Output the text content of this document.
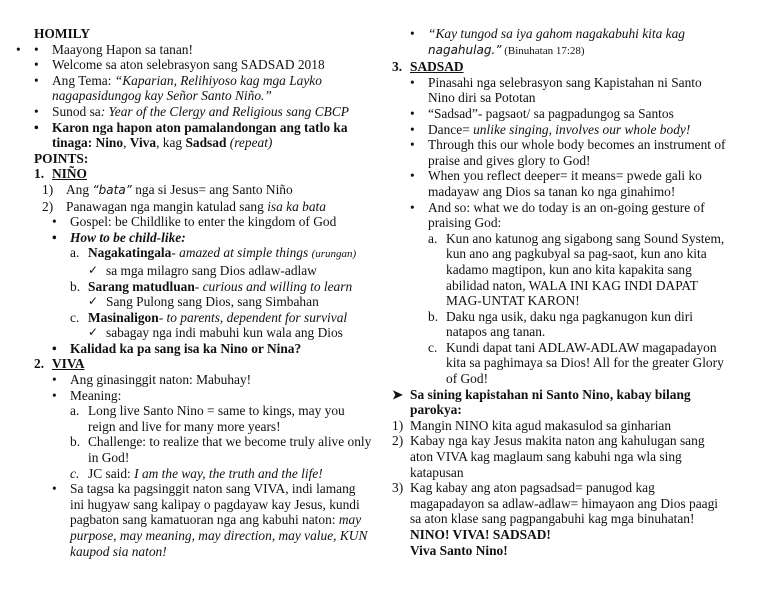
HOMILY
• • Maayong Hapon sa tanan!
• Welcome sa aton selebrasyon sang SADSAD 2018
• Ang Tema: “Kaparian, Relihiyoso kag mga Layko
nagapasidungog kay Señor Santo Niño.”
• Sunod sa: Year of the Clergy and Religious sang CBCP
• Karon nga hapon aton pamalandongan ang tatlo ka
tinaga: Nino, Viva, kag Sadsad (repeat)
POINTS:
1. NIÑO
1) Ang “bata” nga si Jesus= ang Santo Niño
2) Panawagan nga mangin katulad sang isa ka bata
• Gospel: be Childlike to enter the kingdom of God
• How to be child-like:
a. Nagakatingala- amazed at simple things (urungan)
✓ sa mga milagro sang Dios adlaw-adlaw
b. Sarang matudluan- curious and willing to learn
✓ Sang Pulong sang Dios, sang Simbahan
c. Masinaligon- to parents, dependent for survival
✓ sabagay nga indi mabuhi kun wala ang Dios
• Kalidad ka pa sang isa ka Nino or Nina?
2. VIVA
• Ang ginasinggit naton: Mabuhay!
• Meaning:
a. Long live Santo Nino = same to kings, may you
reign and live for many more years!
b. Challenge: to realize that we become truly alive only
in God!
c. JC said: I am the way, the truth and the life!
• Sa tagsa ka pagsinggit naton sang VIVA, indi lamang
ini hugyaw sang kalipay o pagdayaw kay Jesus, kundi
pagbaton sang kamatuoran nga ang kabuhi naton: may
purpose, may meaning, may direction, may value, KUN
kaupod sia naton!
• “Kay tungod sa iya gahom nagakabuhi kita kag
nagahulag.” (Binuhatan 17:28)
3. SADSAD
• Pinasahi nga selebrasyon sang Kapistahan ni Santo
Nino diri sa Pototan
• “Sadsad”- pagsaot/ sa pagpadungog sa Santos
• Dance= unlike singing, involves our whole body!
• Through this our whole body becomes an instrument of
praise and gives glory to God!
• When you reflect deeper= it means= pwede gali ko
madayaw ang Dios sa tanan ko nga ginahimo!
• And so: what we do today is an on-going gesture of
praising God:
a. Kun ano katunog ang sigabong sang Sound System,
kun ano ang pagkubyal sa pag-saot, kun ano kita
kadamo magtipon, kun ano kita kapakita sang
abilidad naton, WALA INI KAG INDI DAPAT
MAG-UNTAT KARON!
b. Daku nga usik, daku nga pagkanugon kun diri
natapos ang tanan.
c. Kundi dapat tani ADLAW-ADLAW magapadayon
kita sa paghimaya sa Dios! All for the greater Glory
of God!
➤ Sa sining kapistahan ni Santo Nino, kabay bilang
parokya:
1) Mangin NINO kita agud makasulod sa ginharian
2) Kabay nga kay Jesus makita naton ang kahulugan sang
aton VIVA kag maglaum sang kabuhi nga wla sing
katapusan
3) Kag kabay ang aton pagsadsad= panugod kag
magapadayon sa adlaw-adlaw= himayaon ang Dios paagi
sa aton klase sang pagpangabuhi kag mga binuhatan!
NINO! VIVA! SADSAD!
Viva Santo Nino!
